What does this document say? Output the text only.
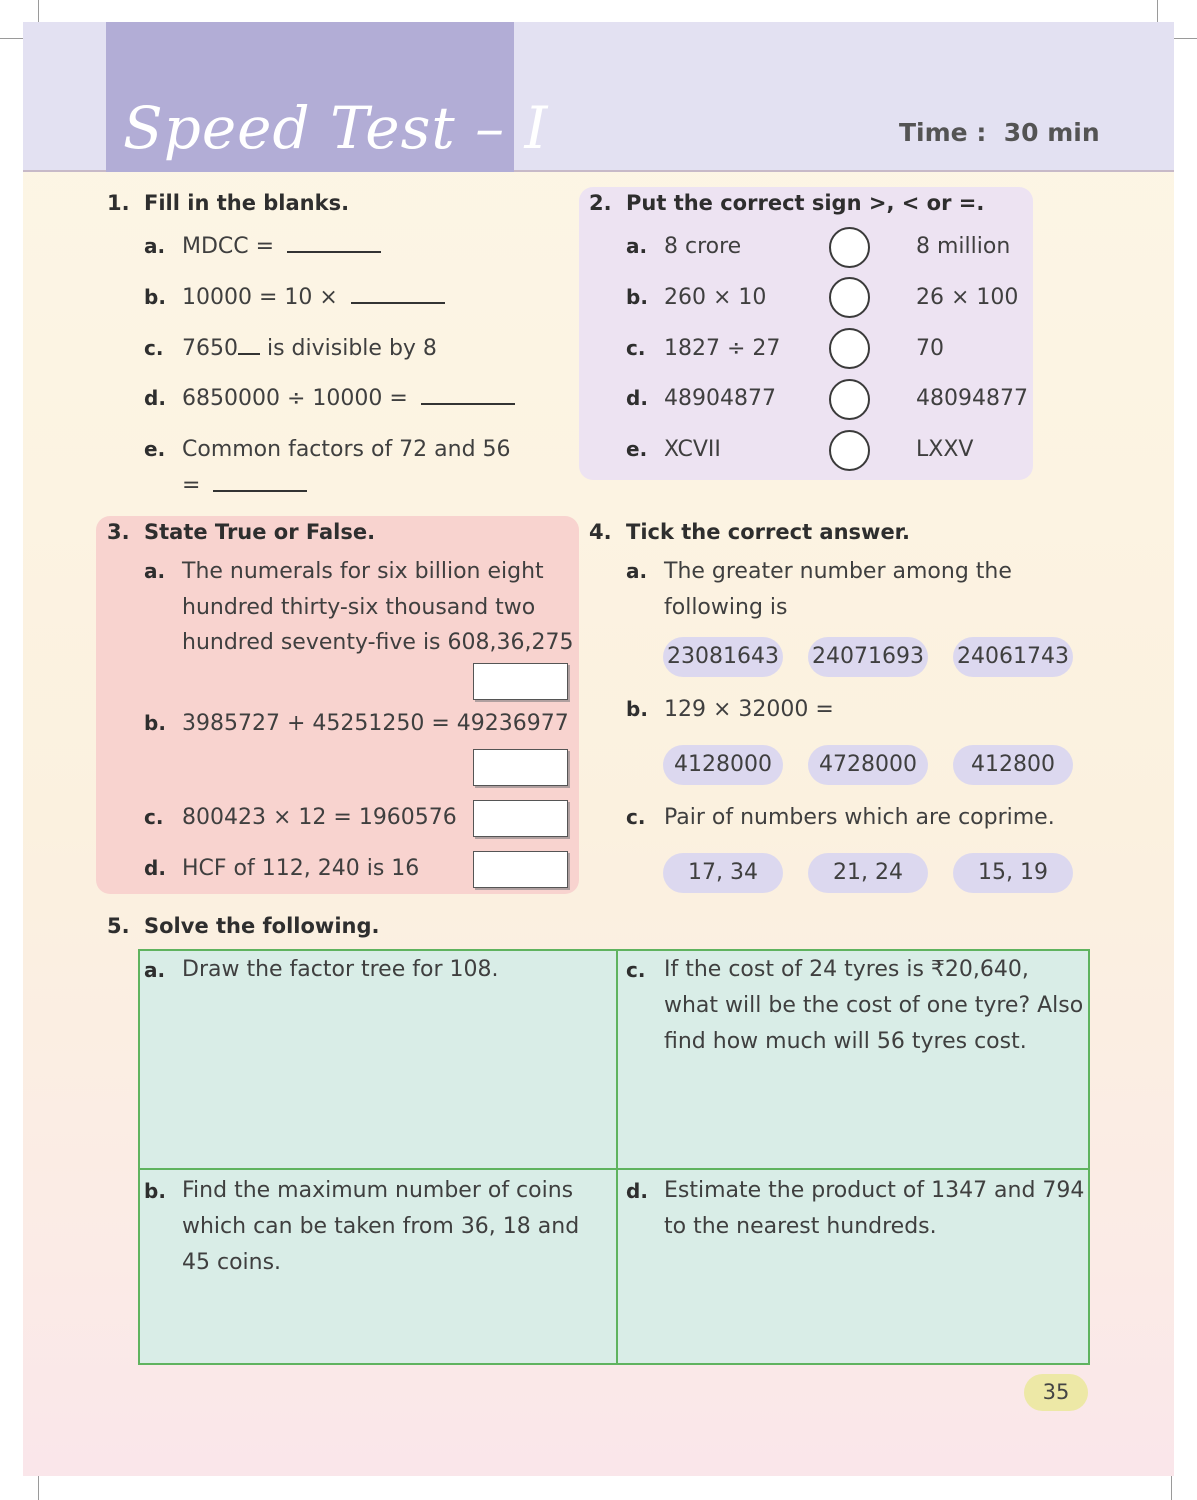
Speed Test – I	Time : 30 min
1. Fill in the blanks.
a. MDCC =
b. 10000 = 10 ×
c. 7650 is divisible by 8
d. 6850000 ÷ 10000 =
e. Common factors of 72 and 56
=
2. Put the correct sign >, < or =.
a. 8 crore	8 million
b. 260 × 10	26 × 100
c. 1827 ÷ 27	70
d. 48904877	48094877
e. XCVII	LXXV
3. State True or False.
a. The numerals for six billion eight
hundred thirty-six thousand two
hundred seventy-five is 608,36,275
b. 3985727 + 45251250 = 49236977
c. 800423 × 12 = 1960576
d. HCF of 112, 240 is 16
4. Tick the correct answer.
a. The greater number among the
following is
23081643 24071693 24061743
b. 129 × 32000 =
4128000	4728000	412800
c. Pair of numbers which are coprime.
17, 34	21, 24	15, 19
5. Solve the following.
a. Draw the factor tree for 108.	c. If the cost of 24 tyres is ₹20,640,
what will be the cost of one tyre? Also
find how much will 56 tyres cost.
b. Find the maximum number of coins
which can be taken from 36, 18 and
45 coins.
d. Estimate the product of 1347 and 794
to the nearest hundreds.
35
